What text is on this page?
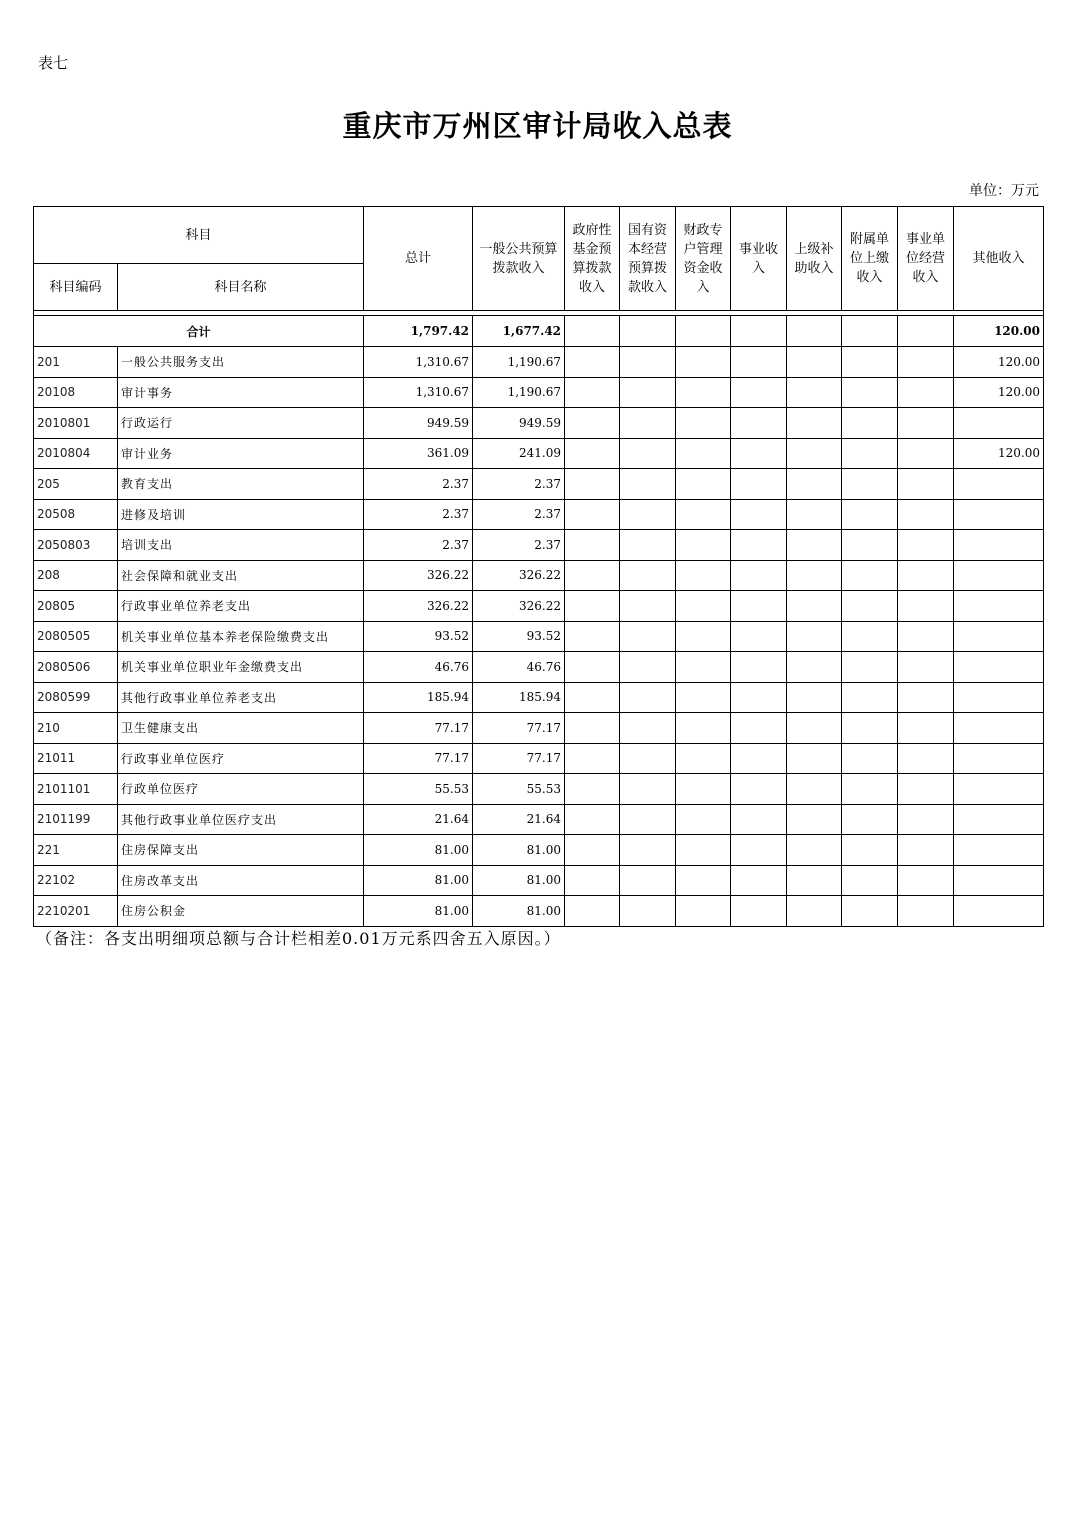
表七
重庆市万州区审计局收入总表
单位：万元
科目		总计	一般公共预算拨款收入	政府性基金预算拨款收入	国有资本经营预算拨款收入	财政专户管理资金收入	事业收入	上级补助收入	附属单位上缴收入	事业单位经营收入	其他收入
科目编码	科目名称										

合计		1,797.42	1,677.42								120.00
201	一般公共服务支出	1,310.67	1,190.67								120.00
20108	审计事务	1,310.67	1,190.67								120.00
2010801	行政运行	949.59	949.59								
2010804	审计业务	361.09	241.09								120.00
205	教育支出	2.37	2.37								
20508	进修及培训	2.37	2.37								
2050803	培训支出	2.37	2.37								
208	社会保障和就业支出	326.22	326.22								
20805	行政事业单位养老支出	326.22	326.22								
2080505	机关事业单位基本养老保险缴费支出	93.52	93.52								
2080506	机关事业单位职业年金缴费支出	46.76	46.76								
2080599	其他行政事业单位养老支出	185.94	185.94								
210	卫生健康支出	77.17	77.17								
21011	行政事业单位医疗	77.17	77.17								
2101101	行政单位医疗	55.53	55.53								
2101199	其他行政事业单位医疗支出	21.64	21.64								
221	住房保障支出	81.00	81.00								
22102	住房改革支出	81.00	81.00								
2210201	住房公积金	81.00	81.00								
（备注：各支出明细项总额与合计栏相差0.01万元系四舍五入原因。）
